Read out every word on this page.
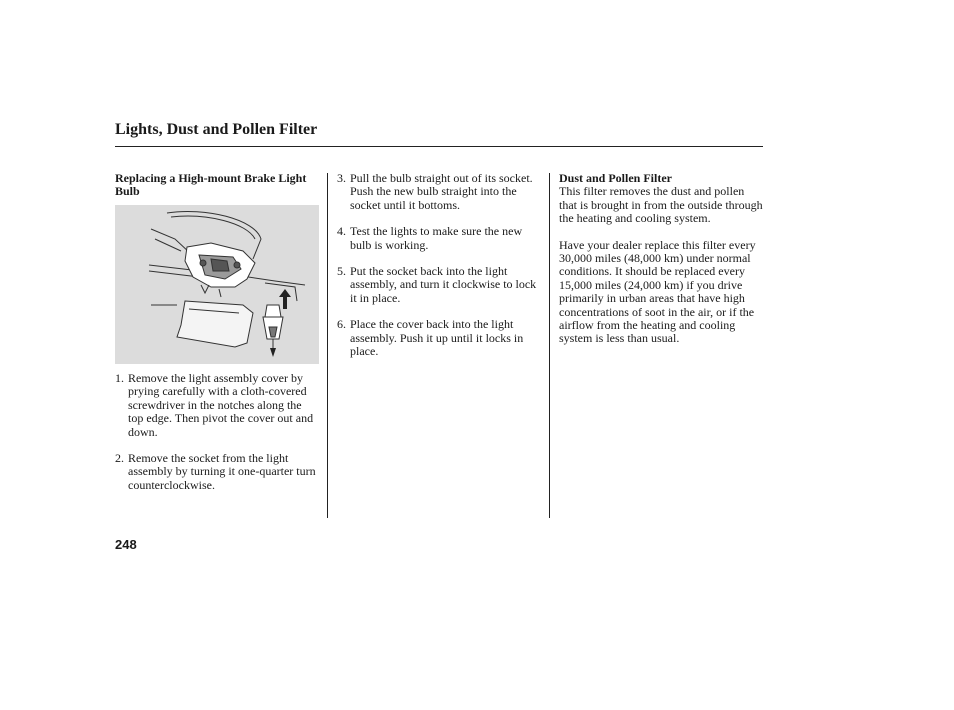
Lights, Dust and Pollen Filter

Replacing a High-mount Brake Light Bulb

1. Remove the light assembly cover by prying carefully with a cloth-covered screwdriver in the notches along the top edge. Then pivot the cover out and down.
2. Remove the socket from the light assembly by turning it one-quarter turn counterclockwise.
3. Pull the bulb straight out of its socket. Push the new bulb straight into the socket until it bottoms.
4. Test the lights to make sure the new bulb is working.
5. Put the socket back into the light assembly, and turn it clockwise to lock it in place.
6. Place the cover back into the light assembly. Push it up until it locks in place.

Dust and Pollen Filter

This filter removes the dust and pollen that is brought in from the outside through the heating and cooling system.

Have your dealer replace this filter every 30,000 miles (48,000 km) under normal conditions. It should be replaced every 15,000 miles (24,000 km) if you drive primarily in urban areas that have high concentrations of soot in the air, or if the airflow from the heating and cooling system is less than usual.

248
